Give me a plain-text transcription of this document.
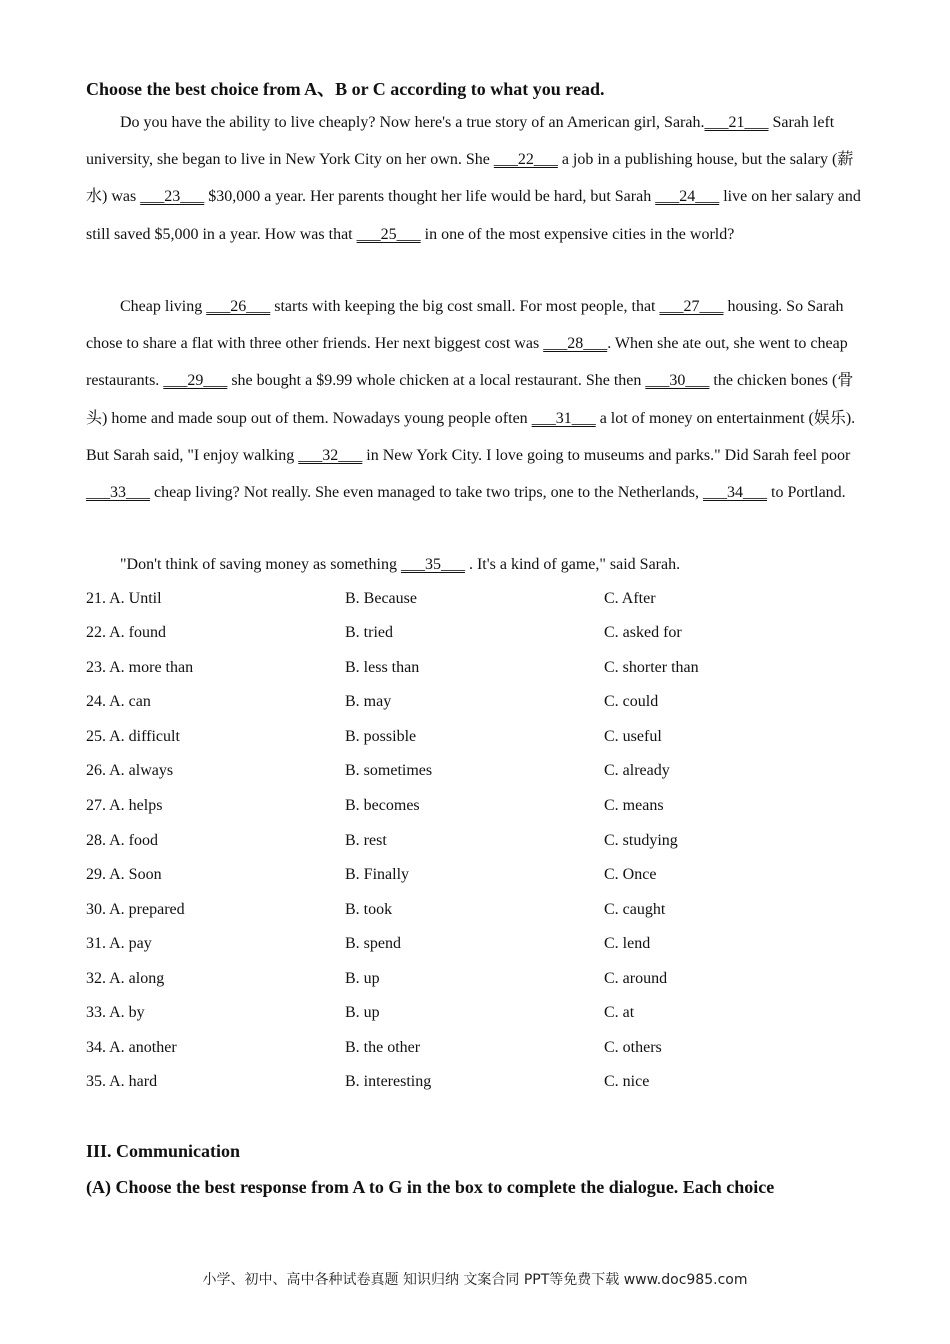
Choose the best choice from A、B or C according to what you read.

Do you have the ability to live cheaply? Now here's a true story of an American girl, Sarah.___21___ Sarah left university, she began to live in New York City on her own. She ___22___ a job in a publishing house, but the salary (薪水) was ___23___ $30,000 a year. Her parents thought her life would be hard, but Sarah ___24___ live on her salary and still saved $5,000 in a year. How was that ___25___ in one of the most expensive cities in the world?

Cheap living ___26___ starts with keeping the big cost small. For most people, that ___27___ housing. So Sarah chose to share a flat with three other friends. Her next biggest cost was ___28___. When she ate out, she went to cheap restaurants. ___29___ she bought a $9.99 whole chicken at a local restaurant. She then ___30___ the chicken bones (骨头) home and made soup out of them. Nowadays young people often ___31___ a lot of money on entertainment (娱乐). But Sarah said, "I enjoy walking ___32___ in New York City. I love going to museums and parks." Did Sarah feel poor ___33___ cheap living? Not really. She even managed to take two trips, one to the Netherlands, ___34___ to Portland.

"Don't think of saving money as something ___35___ . It's a kind of game," said Sarah.

21. A. Until	B. Because	C. After
22. A. found	B. tried	C. asked for
23. A. more than	B. less than	C. shorter than
24. A. can	B. may	C. could
25. A. difficult	B. possible	C. useful
26. A. always	B. sometimes	C. already
27. A. helps	B. becomes	C. means
28. A. food	B. rest	C. studying
29. A. Soon	B. Finally	C. Once
30. A. prepared	B. took	C. caught
31. A. pay	B. spend	C. lend
32. A. along	B. up	C. around
33. A. by	B. up	C. at
34. A. another	B. the other	C. others
35. A. hard	B. interesting	C. nice
III. Communication
(A) Choose the best response from A to G in the box to complete the dialogue. Each choice
小学、初中、高中各种试卷真题 知识归纳 文案合同 PPT等免费下载 www.doc985.com
